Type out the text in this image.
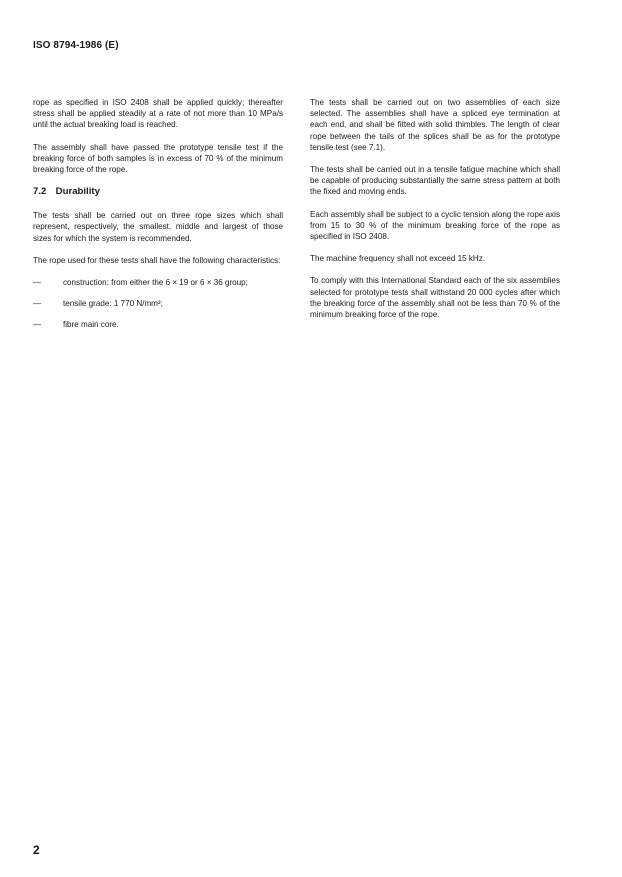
ISO 8794-1986 (E)

rope as specified in ISO 2408 shall be applied quickly; thereafter stress shall be applied steadily at a rate of not more than 10 MPa/s until the actual breaking load is reached.

The assembly shall have passed the prototype tensile test if the breaking force of both samples is in excess of 70 % of the minimum breaking force of the rope.

7.2 Durability

The tests shall be carried out on three rope sizes which shall represent, respectively, the smallest, middle and largest of those sizes for which the system is recommended.

The rope used for these tests shall have the following characteristics:

—	construction: from either the 6 × 19 or 6 × 36 group;
—	tensile grade: 1 770 N/mm²;
—	fibre main core.

The tests shall be carried out on two assemblies of each size selected. The assemblies shall have a spliced eye termination at each end, and shall be fitted with solid thimbles. The length of clear rope between the tails of the splices shall be as for the prototype tensile test (see 7.1).

The tests shall be carried out in a tensile fatigue machine which shall be capable of producing substantially the same stress pattern at both the fixed and moving ends.

Each assembly shall be subject to a cyclic tension along the rope axis from 15 to 30 % of the minimum breaking force of the rope as specified in ISO 2408.

The machine frequency shall not exceed 15 kHz.

To comply with this International Standard each of the six assemblies selected for prototype tests shall withstand 20 000 cycles after which the breaking force of the assembly shall not be less than 70 % of the minimum breaking force of the rope.

2
